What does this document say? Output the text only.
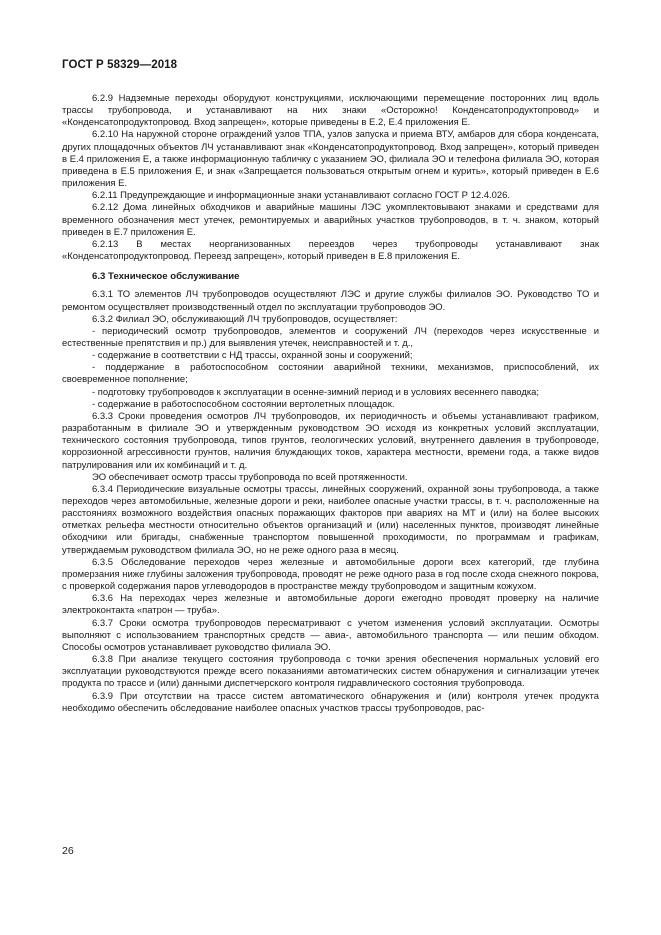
ГОСТ Р 58329—2018

6.2.9 Надземные переходы оборудуют конструкциями, исключающими перемещение посторонних лиц вдоль трассы трубопровода, и устанавливают на них знаки «Осторожно! Конденсатопродуктопровод» и «Конденсатопродуктопровод. Вход запрещен», которые приведены в Е.2, Е.4 приложения Е.

6.2.10 На наружной стороне ограждений узлов ТПА, узлов запуска и приема ВТУ, амбаров для сбора конденсата, других площадочных объектов ЛЧ устанавливают знак «Конденсатопродуктопровод. Вход запрещен», который приведен в Е.4 приложения Е, а также информационную табличку с указанием ЭО, филиала ЭО и телефона филиала ЭО, которая приведена в Е.5 приложения Е, и знак «Запрещается пользоваться открытым огнем и курить», который приведен в Е.6 приложения Е.

6.2.11 Предупреждающие и информационные знаки устанавливают согласно ГОСТ Р 12.4.026.

6.2.12 Дома линейных обходчиков и аварийные машины ЛЭС укомплектовывают знаками и средствами для временного обозначения мест утечек, ремонтируемых и аварийных участков трубопроводов, в т. ч. знаком, который приведен в Е.7 приложения Е.

6.2.13 В местах неорганизованных переездов через трубопроводы устанавливают знак «Конденсатопродуктопровод. Переезд запрещен», который приведен в Е.8 приложения Е.

6.3 Техническое обслуживание

6.3.1 ТО элементов ЛЧ трубопроводов осуществляют ЛЭС и другие службы филиалов ЭО. Руководство ТО и ремонтом осуществляет производственный отдел по эксплуатации трубопроводов ЭО.

6.3.2 Филиал ЭО, обслуживающий ЛЧ трубопроводов, осуществляет:

- периодический осмотр трубопроводов, элементов и сооружений ЛЧ (переходов через искусственные и естественные препятствия и пр.) для выявления утечек, неисправностей и т. д.,

- содержание в соответствии с НД трассы, охранной зоны и сооружений;

- поддержание в работоспособном состоянии аварийной техники, механизмов, приспособлений, их своевременное пополнение;

- подготовку трубопроводов к эксплуатации в осенне-зимний период и в условиях весеннего паводка;

- содержание в работоспособном состоянии вертолетных площадок.

6.3.3 Сроки проведения осмотров ЛЧ трубопроводов, их периодичность и объемы устанавливают графиком, разработанным в филиале ЭО и утвержденным руководством ЭО исходя из конкретных условий эксплуатации, технического состояния трубопровода, типов грунтов, геологических условий, внутреннего давления в трубопроводе, коррозионной агрессивности грунтов, наличия блуждающих токов, характера местности, времени года, а также видов патрулирования или их комбинаций и т. д.

ЭО обеспечивает осмотр трассы трубопровода по всей протяженности.

6.3.4 Периодические визуальные осмотры трассы, линейных сооружений, охранной зоны трубопровода, а также переходов через автомобильные, железные дороги и реки, наиболее опасные участки трассы, в т. ч. расположенные на расстояниях возможного воздействия опасных поражающих факторов при авариях на МТ и (или) на более высоких отметках рельефа местности относительно объектов организаций и (или) населенных пунктов, производят линейные обходчики или бригады, снабженные транспортом повышенной проходимости, по программам и графикам, утверждаемым руководством филиала ЭО, но не реже одного раза в месяц.

6.3.5 Обследование переходов через железные и автомобильные дороги всех категорий, где глубина промерзания ниже глубины заложения трубопровода, проводят не реже одного раза в год после схода снежного покрова, с проверкой содержания паров углеводородов в пространстве между трубопроводом и защитным кожухом.

6.3.6 На переходах через железные и автомобильные дороги ежегодно проводят проверку на наличие электроконтакта «патрон — труба».

6.3.7 Сроки осмотра трубопроводов пересматривают с учетом изменения условий эксплуатации. Осмотры выполняют с использованием транспортных средств — авиа-, автомобильного транспорта — или пешим обходом. Способы осмотров устанавливает руководство филиала ЭО.

6.3.8 При анализе текущего состояния трубопровода с точки зрения обеспечения нормальных условий его эксплуатации руководствуются прежде всего показаниями автоматических систем обнаружения и сигнализации утечек продукта по трассе и (или) данными диспетчерского контроля гидравлического состояния трубопровода.

6.3.9 При отсутствии на трассе систем автоматического обнаружения и (или) контроля утечек продукта необходимо обеспечить обследование наиболее опасных участков трассы трубопроводов, рас-

26
